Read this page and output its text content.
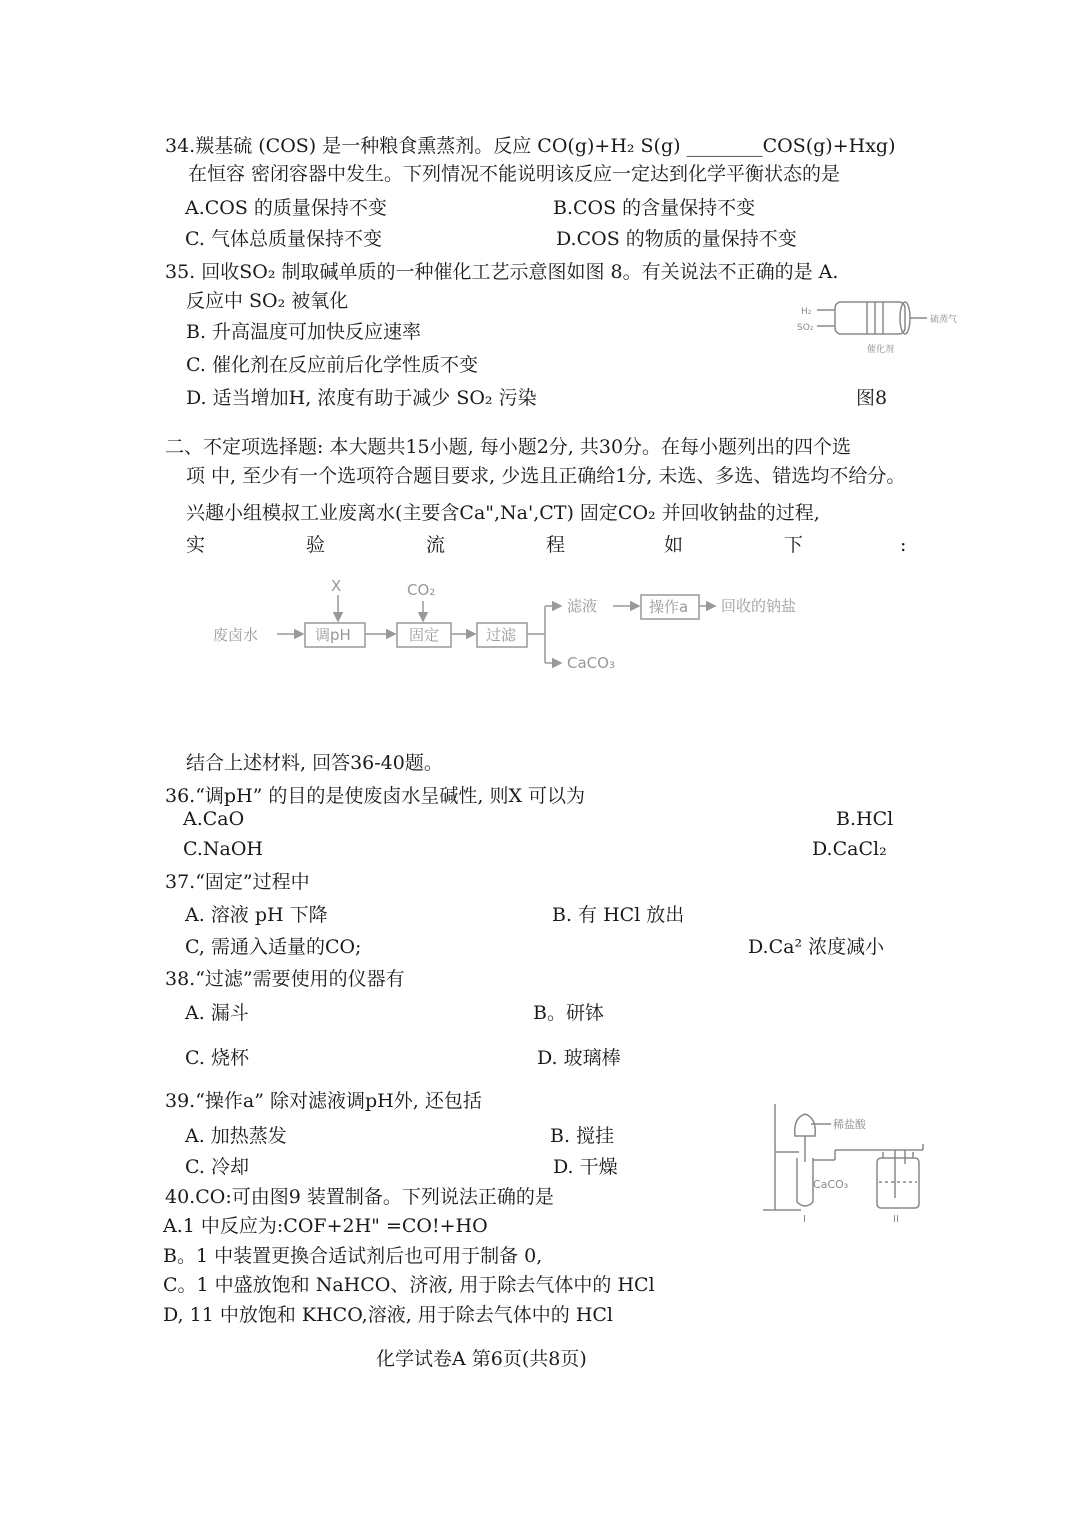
34.羰基硫 (COS) 是一种粮食熏蒸剂。反应 CO(g)+H₂ S(g) ________COS(g)+Hxg)
在恒容 密闭容器中发生。下列情况不能说明该反应一定达到化学平衡状态的是
A.COS 的质量保持不变	B.COS 的含量保持不变
C. 气体总质量保持不变	D.COS 的物质的量保持不变
35. 回收SO₂ 制取碱单质的一种催化工艺示意图如图 8。有关说法不正确的是 A.
反应中 SO₂ 被氧化
B. 升高温度可加快反应速率
C. 催化剂在反应前后化学性质不变
D. 适当增加H, 浓度有助于减少 SO₂ 污染	图8
H₂
SO₂
硫蒸气
催化剂
二、不定项选择题: 本大题共15小题, 每小题2分, 共30分。在每小题列出的四个选
项 中, 至少有一个选项符合题目要求, 少选且正确给1分, 未选、多选、错选均不给分。
兴趣小组模叔工业废离水(主要含Ca",Na',CT) 固定CO₂ 并回收钠盐的过程,
实	验	流	程	如	下	:
废卤水	调pH
X
固定
CO₂
过滤
滤液	操作a 回收的钠盐
CaCO₃
结合上述材料, 回答36-40题。
36.“调pH” 的目的是使废卤水呈碱性, 则X 可以为
A.CaO	B.HCl
C.NaOH	D.CaCl₂
37.“固定”过程中
A. 溶液 pH 下降	B. 有 HCl 放出
C, 需通入适量的CO;	D.Ca² 浓度减小
38.“过滤”需要使用的仪器有
A. 漏斗	B。研钵
C. 烧杯	D. 玻璃棒
39.“操作a” 除对滤液调pH外, 还包括
A. 加热蒸发	B. 搅挂
C. 冷却	D. 干燥
稀盐酸
CaCO₃
I	II
40.CO:可由图9 装置制备。下列说法正确的是
A.1 中反应为:COF+2H" =CO!+HO
B。1 中装置更換合适试剂后也可用于制备 0,
C。1 中盛放饱和 NaHCO、济液, 用于除去气体中的 HCl
D, 11 中放饱和 KHCO,溶液, 用于除去气体中的 HCl
化学试卷A 第6页(共8页)
